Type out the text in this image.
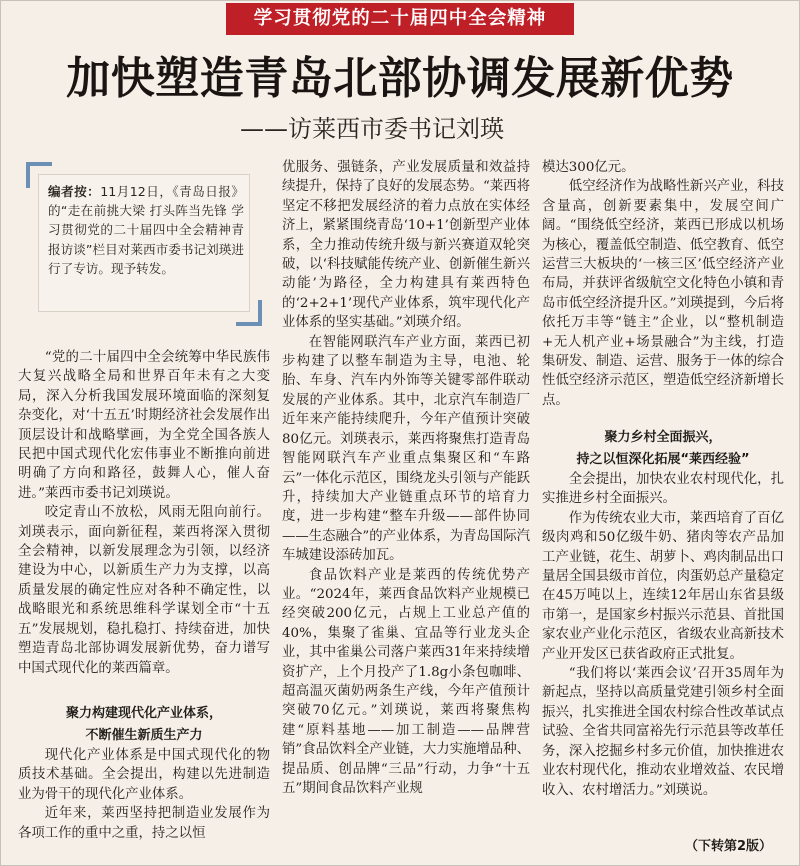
学习贯彻党的二十届四中全会精神
加快塑造青岛北部协调发展新优势
——访莱西市委书记刘瑛
编者按：11月12日，《青岛日报》的“走在前挑大梁 打头阵当先锋 学习贯彻党的二十届四中全会精神青报访谈”栏目对莱西市委书记刘瑛进行了专访。现予转发。

“党的二十届四中全会统筹中华民族伟大复兴战略全局和世界百年未有之大变局，深入分析我国发展环境面临的深刻复杂变化，对‘十五五’时期经济社会发展作出顶层设计和战略擘画，为全党全国各族人民把中国式现代化宏伟事业不断推向前进明确了方向和路径，鼓舞人心，催人奋进。”莱西市委书记刘瑛说。

咬定青山不放松，风雨无阻向前行。刘瑛表示，面向新征程，莱西将深入贯彻全会精神，以新发展理念为引领，以经济建设为中心，以新质生产力为支撑，以高质量发展的确定性应对各种不确定性，以战略眼光和系统思维科学谋划全市“十五五”发展规划，稳扎稳打、持续奋进，加快塑造青岛北部协调发展新优势，奋力谱写中国式现代化的莱西篇章。

聚力构建现代化产业体系，
不断催生新质生产力

现代化产业体系是中国式现代化的物质技术基础。全会提出，构建以先进制造业为骨干的现代化产业体系。

近年来，莱西坚持把制造业发展作为各项工作的重中之重，持之以恒

优服务、强链条，产业发展质量和效益持续提升，保持了良好的发展态势。“莱西将坚定不移把发展经济的着力点放在实体经济上，紧紧围绕青岛‘10+1’创新型产业体系，全力推动传统升级与新兴赛道双轮突破，以‘科技赋能传统产业、创新催生新兴动能’为路径，全力构建具有莱西特色的‘2+2+1’现代产业体系，筑牢现代化产业体系的坚实基础。”刘瑛介绍。

在智能网联汽车产业方面，莱西已初步构建了以整车制造为主导，电池、轮胎、车身、汽车内外饰等关键零部件联动发展的产业体系。其中，北京汽车制造厂近年来产能持续爬升，今年产值预计突破80亿元。刘瑛表示，莱西将聚焦打造青岛智能网联汽车产业重点集聚区和“车路云”一体化示范区，围绕龙头引领与产能跃升，持续加大产业链重点环节的培育力度，进一步构建“整车升级——部件协同——生态融合”的产业体系，为青岛国际汽车城建设添砖加瓦。

食品饮料产业是莱西的传统优势产业。“2024年，莱西食品饮料产业规模已经突破200亿元，占规上工业总产值的40%，集聚了雀巢、宜品等行业龙头企业，其中雀巢公司落户莱西31年来持续增资扩产，上个月投产了1.8g小条包咖啡、超高温灭菌奶两条生产线，今年产值预计突破70亿元。”刘瑛说，莱西将聚焦构建“原料基地——加工制造——品牌营销”食品饮料全产业链，大力实施增品种、提品质、创品牌“三品”行动，力争“十五五”期间食品饮料产业规

模达300亿元。

低空经济作为战略性新兴产业，科技含量高，创新要素集中，发展空间广阔。“围绕低空经济，莱西已形成以机场为核心，覆盖低空制造、低空教育、低空运营三大板块的‘一核三区’低空经济产业布局，并获评省级航空文化特色小镇和青岛市低空经济提升区。”刘瑛提到，今后将依托万丰等“链主”企业，以“整机制造+无人机产业+场景融合”为主线，打造集研发、制造、运营、服务于一体的综合性低空经济示范区，塑造低空经济新增长点。

聚力乡村全面振兴，
持之以恒深化拓展“莱西经验”

全会提出，加快农业农村现代化，扎实推进乡村全面振兴。

作为传统农业大市，莱西培育了百亿级肉鸡和50亿级牛奶、猪肉等农产品加工产业链，花生、胡萝卜、鸡肉制品出口量居全国县级市首位，肉蛋奶总产量稳定在45万吨以上，连续12年居山东省县级市第一，是国家乡村振兴示范县、首批国家农业产业化示范区，省级农业高新技术产业开发区已获省政府正式批复。

“我们将以‘莱西会议’召开35周年为新起点，坚持以高质量党建引领乡村全面振兴，扎实推进全国农村综合性改革试点试验、全省共同富裕先行示范县等改革任务，深入挖掘乡村多元价值，加快推进农业农村现代化，推动农业增效益、农民增收入、农村增活力。”刘瑛说。

（下转第2版）
